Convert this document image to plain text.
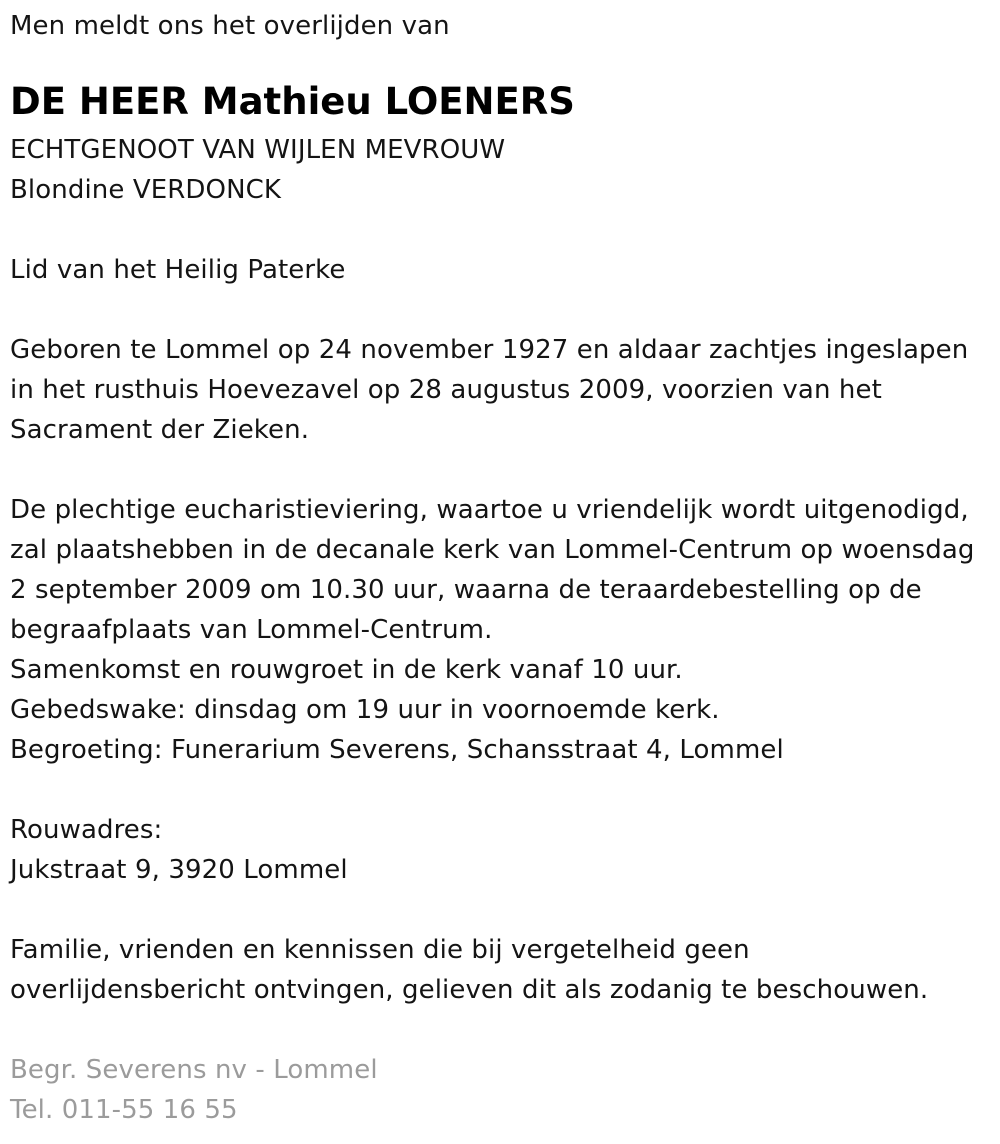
Men meldt ons het overlijden van
DE HEER Mathieu LOENERS
ECHTGENOOT VAN WIJLEN MEVROUW
Blondine VERDONCK
Lid van het Heilig Paterke
Geboren te Lommel op 24 november 1927 en aldaar zachtjes ingeslapen
in het rusthuis Hoevezavel op 28 augustus 2009, voorzien van het
Sacrament der Zieken.
De plechtige eucharistieviering, waartoe u vriendelijk wordt uitgenodigd,
zal plaatshebben in de decanale kerk van Lommel-Centrum op woensdag
2 september 2009 om 10.30 uur, waarna de teraardebestelling op de
begraafplaats van Lommel-Centrum.
Samenkomst en rouwgroet in de kerk vanaf 10 uur.
Gebedswake: dinsdag om 19 uur in voornoemde kerk.
Begroeting: Funerarium Severens, Schansstraat 4, Lommel
Rouwadres:
Jukstraat 9, 3920 Lommel
Familie, vrienden en kennissen die bij vergetelheid geen
overlijdensbericht ontvingen, gelieven dit als zodanig te beschouwen.
Begr. Severens nv - Lommel
Tel. 011-55 16 55
